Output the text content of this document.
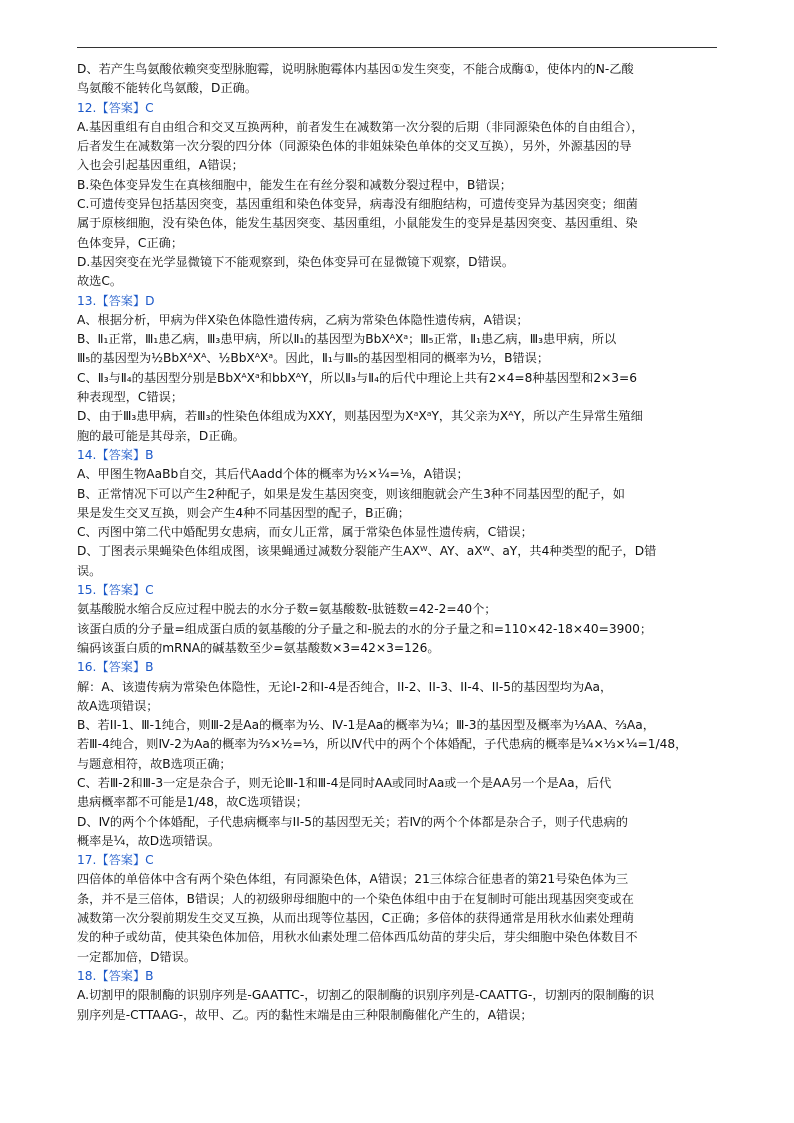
D、若产生鸟氨酸依赖突变型脉胞霉，说明脉胞霉体内基因①发生突变，不能合成酶①，使体内的N-乙酸

鸟氨酸不能转化鸟氨酸，D正确。

12.【答案】C

A.基因重组有自由组合和交叉互换两种，前者发生在减数第一次分裂的后期（非同源染色体的自由组合），

后者发生在减数第一次分裂的四分体（同源染色体的非姐妹染色单体的交叉互换），另外，外源基因的导

入也会引起基因重组，A错误；

B.染色体变异发生在真核细胞中，能发生在有丝分裂和减数分裂过程中，B错误；

C.可遗传变异包括基因突变，基因重组和染色体变异，病毒没有细胞结构，可遗传变异为基因突变；细菌

属于原核细胞，没有染色体，能发生基因突变、基因重组，小鼠能发生的变异是基因突变、基因重组、染

色体变异，C正确；

D.基因突变在光学显微镜下不能观察到，染色体变异可在显微镜下观察，D错误。

故选C。

13.【答案】D

A、根据分析，甲病为伴X染色体隐性遗传病，乙病为常染色体隐性遗传病，A错误；

B、Ⅱ₁正常，Ⅲ₁患乙病，Ⅲ₃患甲病，所以Ⅱ₁的基因型为BbXᴬXᵃ；Ⅲ₅正常，Ⅱ₁患乙病，Ⅲ₃患甲病，所以

Ⅲ₅的基因型为½BbXᴬXᴬ、½BbXᴬXᵃ。因此，Ⅱ₁与Ⅲ₅的基因型相同的概率为½，B错误；

C、Ⅱ₃与Ⅱ₄的基因型分别是BbXᴬXᵃ和bbXᴬY，所以Ⅱ₃与Ⅱ₄的后代中理论上共有2×4=8种基因型和2×3=6

种表现型，C错误；

D、由于Ⅲ₃患甲病，若Ⅲ₃的性染色体组成为XXY，则基因型为XᵃXᵃY，其父亲为XᴬY，所以产生异常生殖细

胞的最可能是其母亲，D正确。

14.【答案】B

A、甲图生物AaBb自交，其后代Aadd个体的概率为½×¼=⅛，A错误；

B、正常情况下可以产生2种配子，如果是发生基因突变，则该细胞就会产生3种不同基因型的配子，如

果是发生交叉互换，则会产生4种不同基因型的配子，B正确；

C、丙图中第二代中婚配男女患病，而女儿正常，属于常染色体显性遗传病，C错误；

D、丁图表示果蝇染色体组成图，该果蝇通过减数分裂能产生AXᵂ、AY、aXᵂ、aY，共4种类型的配子，D错

误。

15.【答案】C

氨基酸脱水缩合反应过程中脱去的水分子数=氨基酸数-肽链数=42-2=40个；

该蛋白质的分子量=组成蛋白质的氨基酸的分子量之和-脱去的水的分子量之和=110×42-18×40=3900；

编码该蛋白质的mRNA的碱基数至少=氨基酸数×3=42×3=126。

16.【答案】B

解：A、该遗传病为常染色体隐性，无论I-2和I-4是否纯合，II-2、II-3、II-4、II-5的基因型均为Aa，

故A选项错误；

B、若II-1、Ⅲ-1纯合，则Ⅲ-2是Aa的概率为½、Ⅳ-1是Aa的概率为¼；Ⅲ-3的基因型及概率为⅓AA、⅔Aa，

若Ⅲ-4纯合，则Ⅳ-2为Aa的概率为⅔×½=⅓，所以Ⅳ代中的两个个体婚配，子代患病的概率是¼×⅓×¼=1/48，

与题意相符，故B选项正确；

C、若Ⅲ-2和Ⅲ-3一定是杂合子，则无论Ⅲ-1和Ⅲ-4是同时AA或同时Aa或一个是AA另一个是Aa，后代

患病概率都不可能是1/48，故C选项错误；

D、Ⅳ的两个个体婚配，子代患病概率与II-5的基因型无关；若Ⅳ的两个个体都是杂合子，则子代患病的

概率是¼，故D选项错误。

17.【答案】C

四倍体的单倍体中含有两个染色体组，有同源染色体，A错误；21三体综合征患者的第21号染色体为三

条，并不是三倍体，B错误；人的初级卵母细胞中的一个染色体组中由于在复制时可能出现基因突变或在

减数第一次分裂前期发生交叉互换，从而出现等位基因，C正确；多倍体的获得通常是用秋水仙素处理萌

发的种子或幼苗，使其染色体加倍，用秋水仙素处理二倍体西瓜幼苗的芽尖后，芽尖细胞中染色体数目不

一定都加倍，D错误。

18.【答案】B

A.切割甲的限制酶的识别序列是-GAATTC-，切割乙的限制酶的识别序列是-CAATTG-，切割丙的限制酶的识

别序列是-CTTAAG-，故甲、乙。丙的黏性末端是由三种限制酶催化产生的，A错误；
